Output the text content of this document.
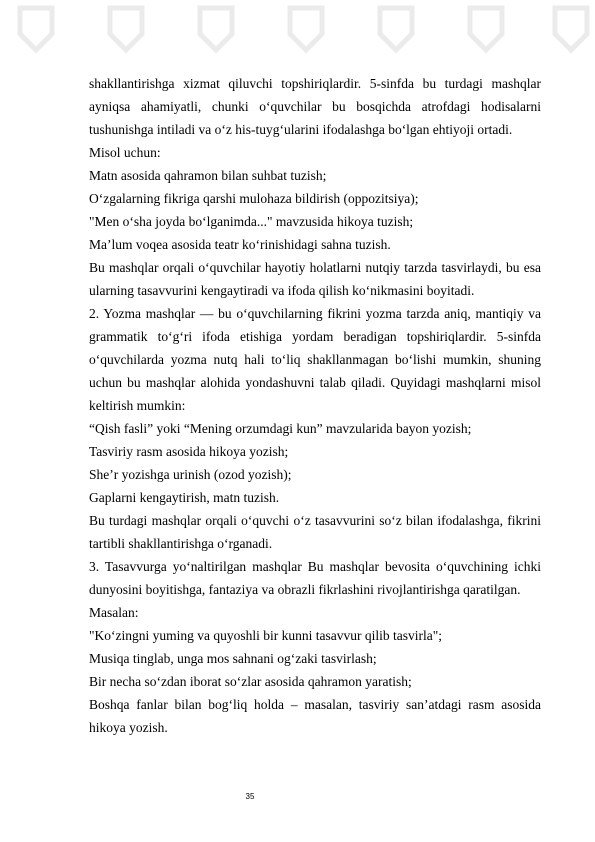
shakllantirishga xizmat qiluvchi topshiriqlardir. 5-sinfda bu turdagi mashqlar ayniqsa ahamiyatli, chunki o‘quvchilar bu bosqichda atrofdagi hodisalarni tushunishga intiladi va o‘z his-tuyg‘ularini ifodalashga bo‘lgan ehtiyoji ortadi.

Misol uchun:

Matn asosida qahramon bilan suhbat tuzish;

O‘zgalarning fikriga qarshi mulohaza bildirish (oppozitsiya);

"Men o‘sha joyda bo‘lganimda..." mavzusida hikoya tuzish;

Ma’lum voqea asosida teatr ko‘rinishidagi sahna tuzish.

Bu mashqlar orqali o‘quvchilar hayotiy holatlarni nutqiy tarzda tasvirlaydi, bu esa ularning tasavvurini kengaytiradi va ifoda qilish ko‘nikmasini boyitadi.

2. Yozma mashqlar — bu o‘quvchilarning fikrini yozma tarzda aniq, mantiqiy va grammatik to‘g‘ri ifoda etishiga yordam beradigan topshiriqlardir. 5-sinfda o‘quvchilarda yozma nutq hali to‘liq shakllanmagan bo‘lishi mumkin, shuning uchun bu mashqlar alohida yondashuvni talab qiladi. Quyidagi mashqlarni misol keltirish mumkin:

“Qish fasli” yoki “Mening orzumdagi kun” mavzularida bayon yozish;

Tasviriy rasm asosida hikoya yozish;

She’r yozishga urinish (ozod yozish);

Gaplarni kengaytirish, matn tuzish.

Bu turdagi mashqlar orqali o‘quvchi o‘z tasavvurini so‘z bilan ifodalashga, fikrini tartibli shakllantirishga o‘rganadi.

3. Tasavvurga yo‘naltirilgan mashqlar Bu mashqlar bevosita o‘quvchining ichki dunyosini boyitishga, fantaziya va obrazli fikrlashini rivojlantirishga qaratilgan.

Masalan:

"Ko‘zingni yuming va quyoshli bir kunni tasavvur qilib tasvirla";

Musiqa tinglab, unga mos sahnani og‘zaki tasvirlash;

Bir necha so‘zdan iborat so‘zlar asosida qahramon yaratish;

Boshqa fanlar bilan bog‘liq holda – masalan, tasviriy san’atdagi rasm asosida hikoya yozish.

35
